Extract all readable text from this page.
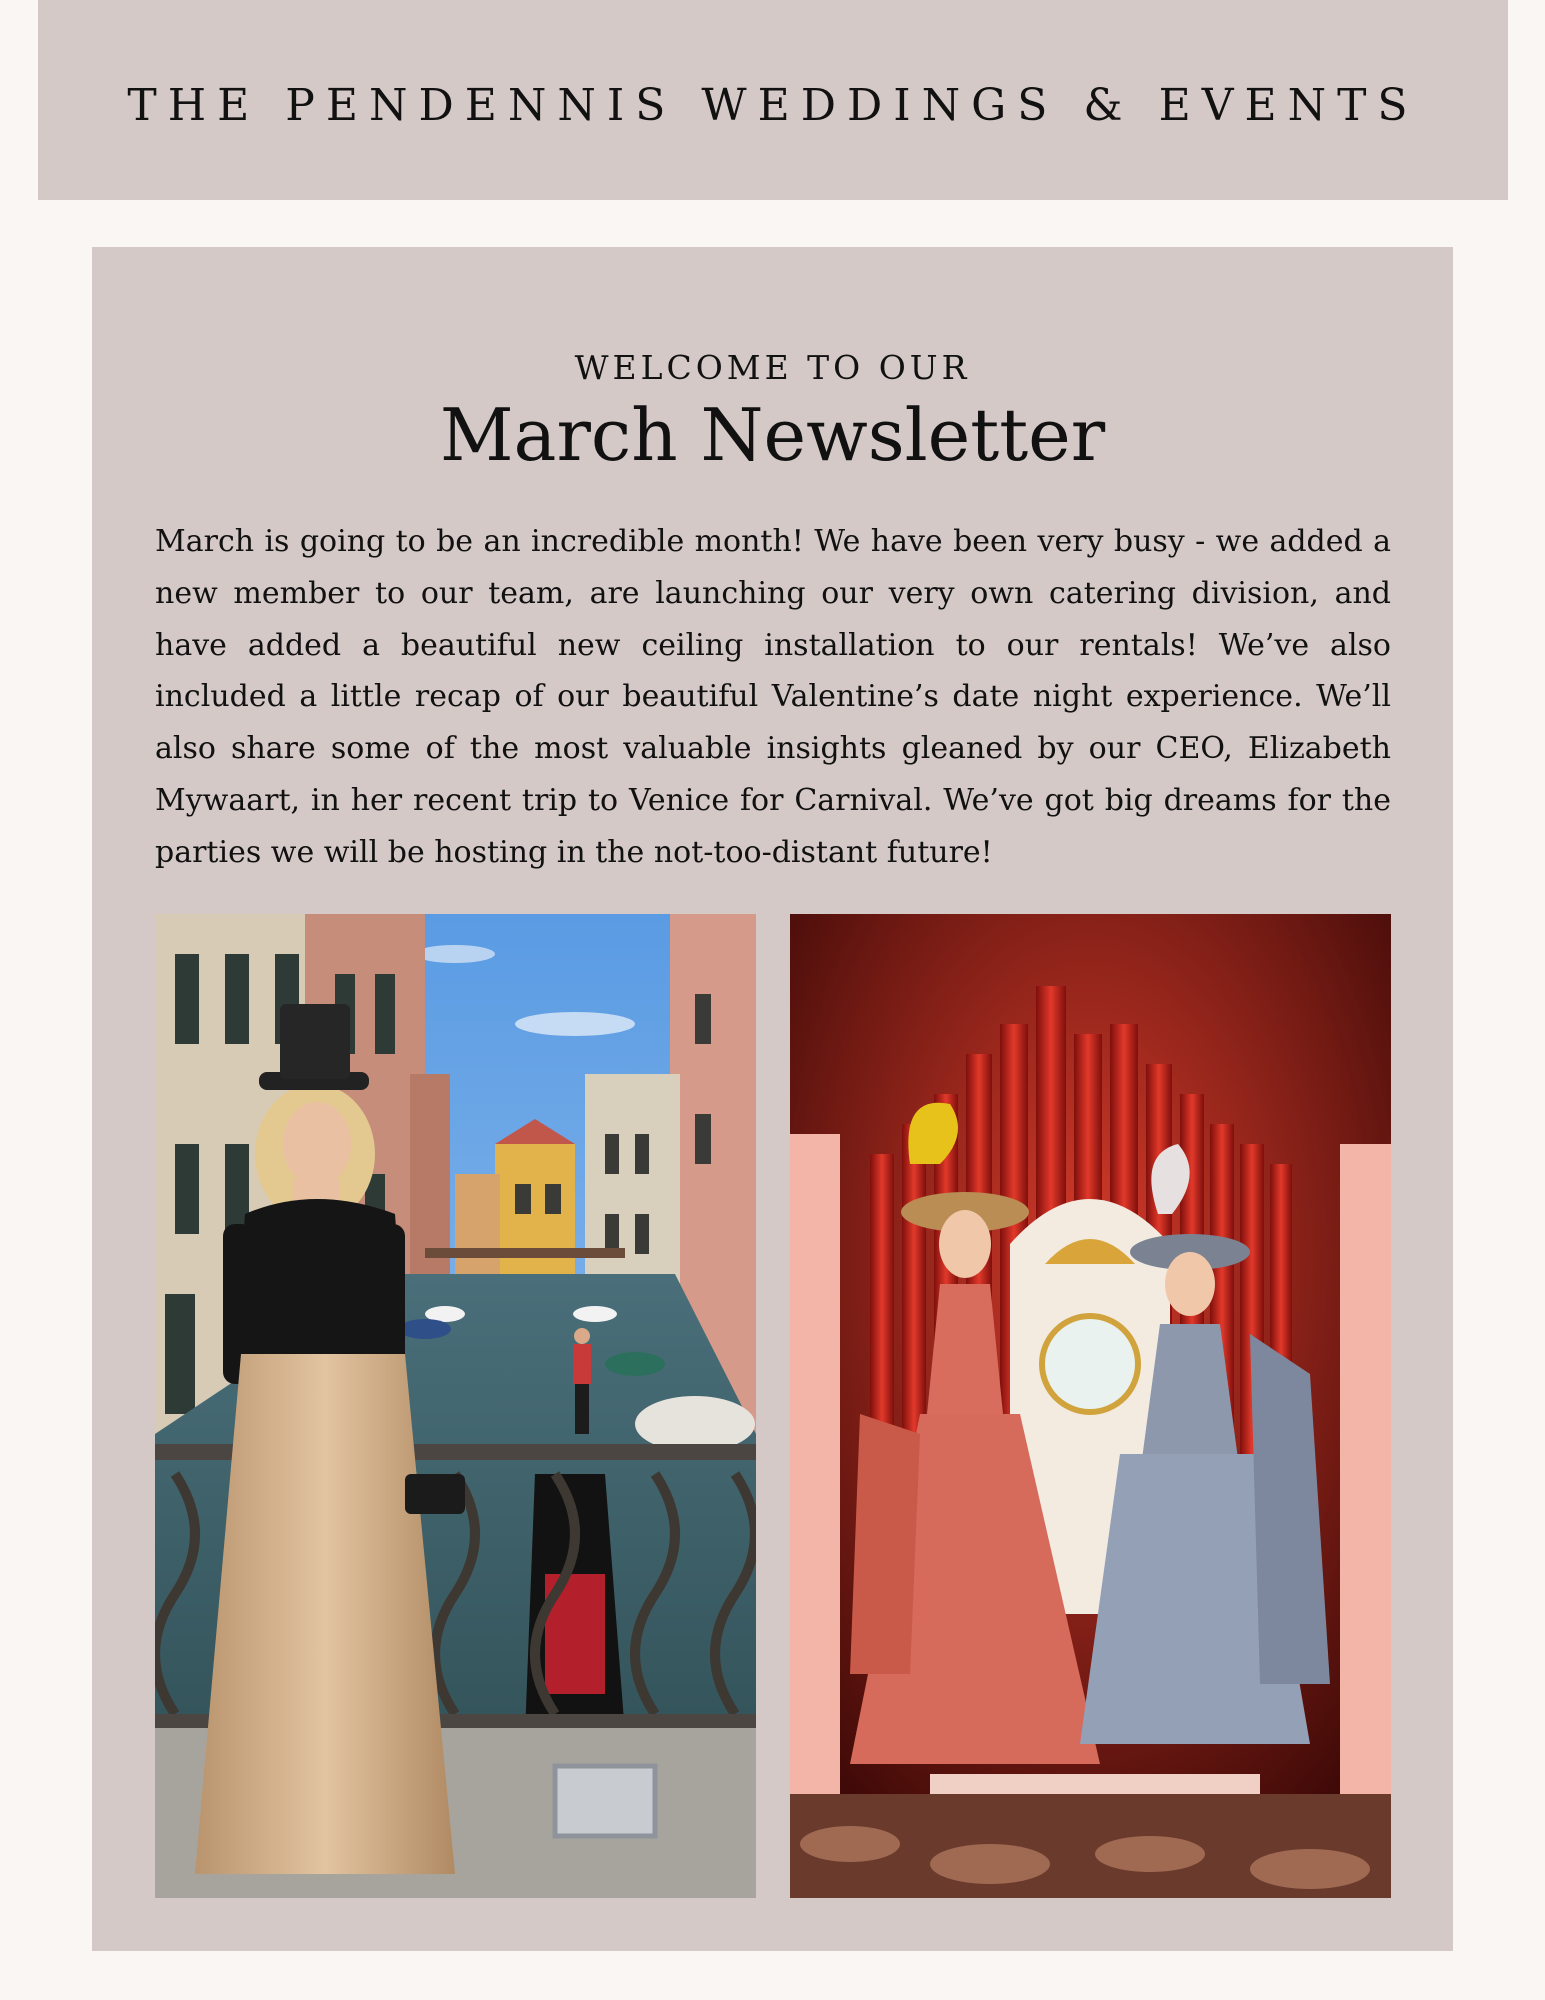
THE PENDENNIS WEDDINGS & EVENTS
WELCOME TO OUR
March Newsletter

March is going to be an incredible month! We have been very busy - we added a new member to our team, are launching our very own catering division, and have added a beautiful new ceiling installation to our rentals! We’ve also included a little recap of our beautiful Valentine’s date night experience. We’ll also share some of the most valuable insights gleaned by our CEO, Elizabeth Mywaart, in her recent trip to Venice for Carnival. We’ve got big dreams for the parties we will be hosting in the not-too-distant future!
